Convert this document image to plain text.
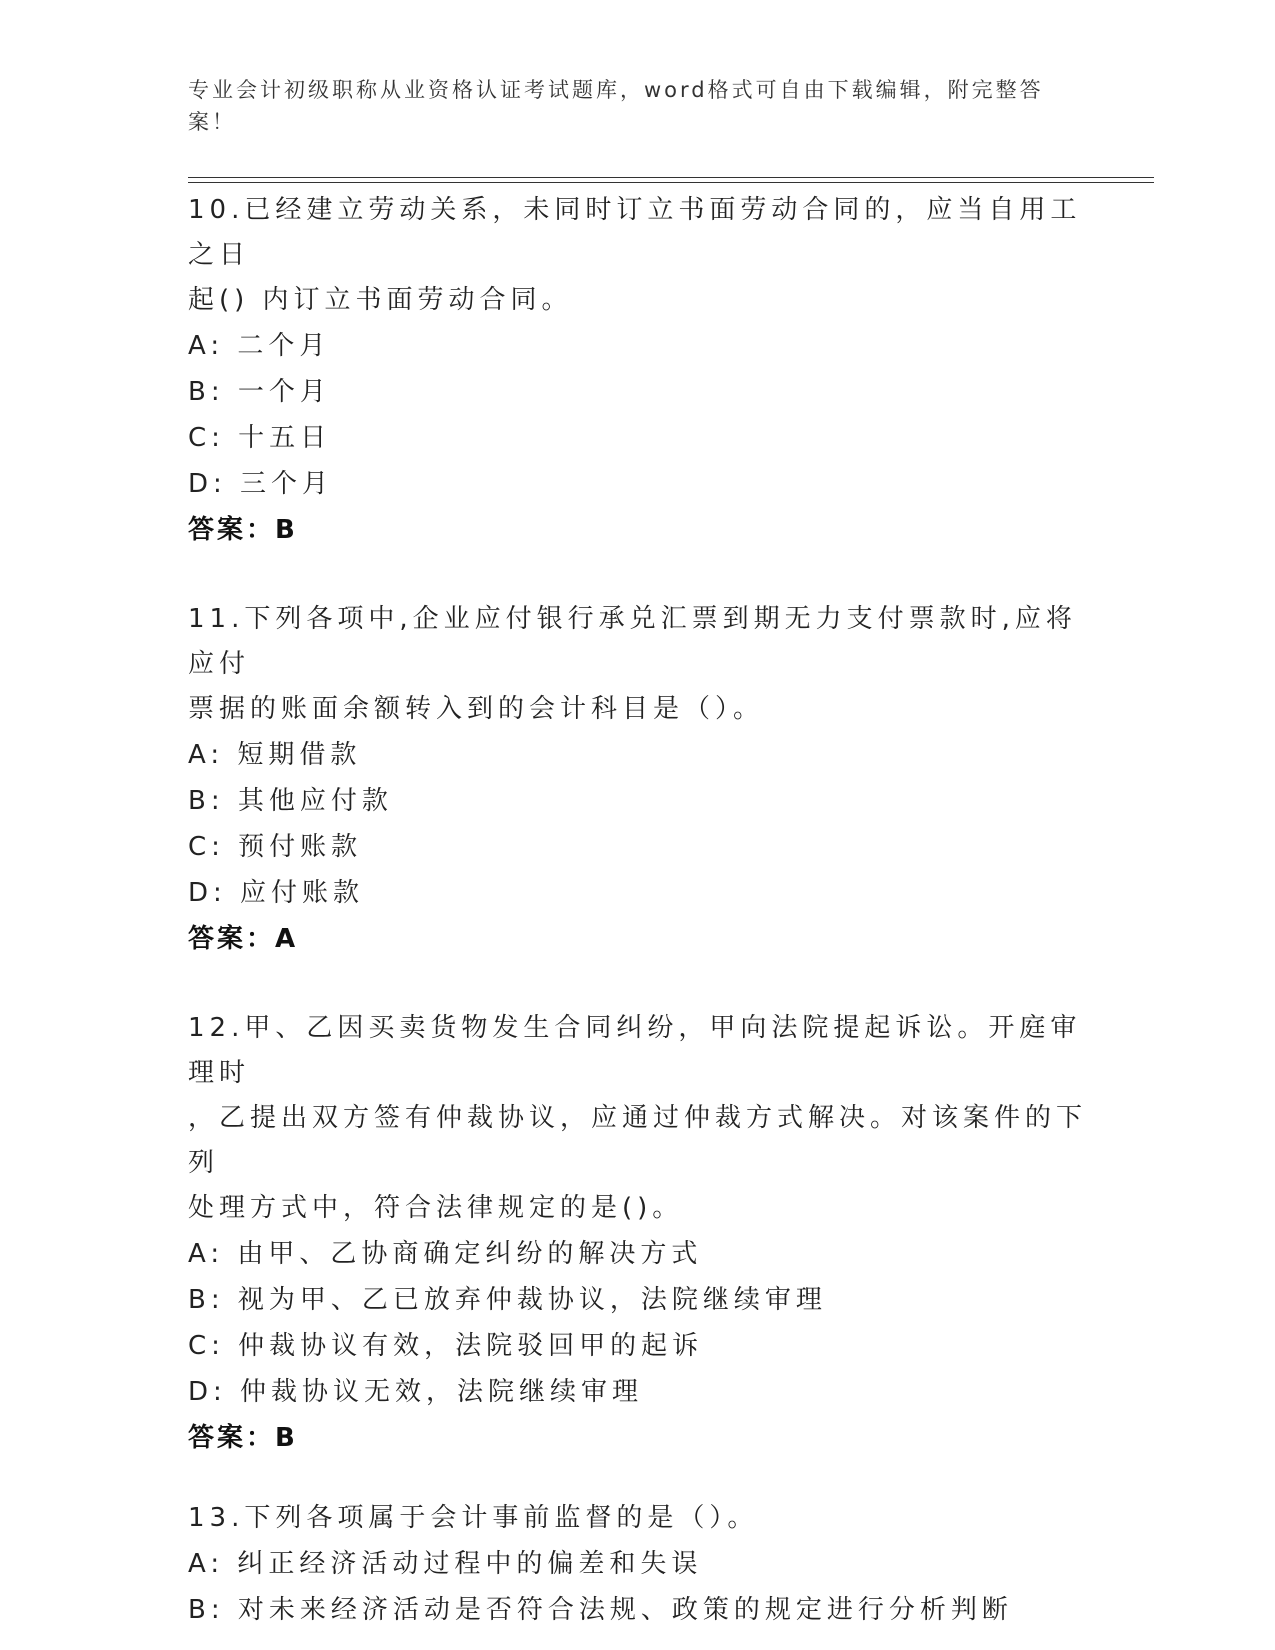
专业会计初级职称从业资格认证考试题库，word格式可自由下载编辑，附完整答案！
10.已经建立劳动关系，未同时订立书面劳动合同的，应当自用工之日
起() 内订立书面劳动合同。
A: 二个月
B: 一个月
C: 十五日
D: 三个月
答案：B
11.下列各项中,企业应付银行承兑汇票到期无力支付票款时,应将应付
票据的账面余额转入到的会计科目是（）。
A: 短期借款
B: 其他应付款
C: 预付账款
D: 应付账款
答案：A
12.甲、乙因买卖货物发生合同纠纷，甲向法院提起诉讼。开庭审理时
，乙提出双方签有仲裁协议，应通过仲裁方式解决。对该案件的下列
处理方式中，符合法律规定的是()。
A: 由甲、乙协商确定纠纷的解决方式
B: 视为甲、乙已放弃仲裁协议，法院继续审理
C: 仲裁协议有效，法院驳回甲的起诉
D: 仲裁协议无效，法院继续审理
答案：B
13.下列各项属于会计事前监督的是（）。
A: 纠正经济活动过程中的偏差和失误
B: 对未来经济活动是否符合法规、政策的规定进行分析判断
